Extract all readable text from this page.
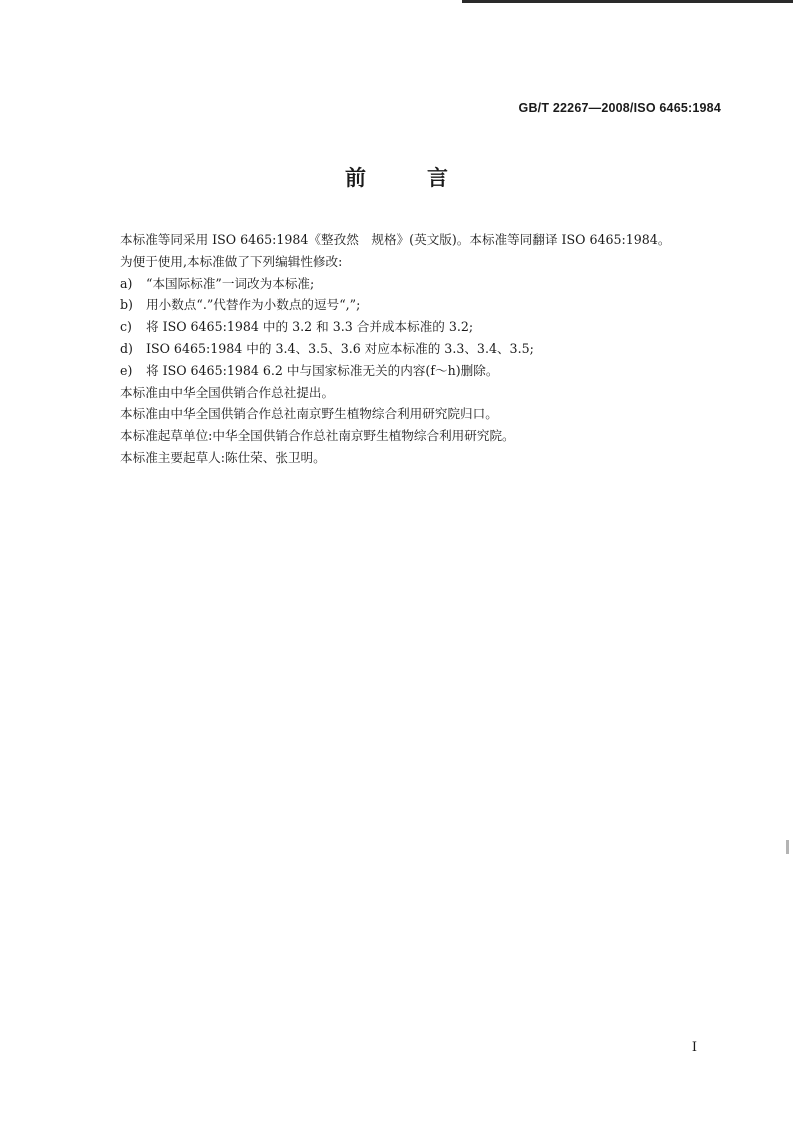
GB/T 22267—2008/ISO 6465:1984
前　言
本标准等同采用 ISO 6465:1984《整孜然　规格》(英文版)。本标准等同翻译 ISO 6465:1984。
为便于使用,本标准做了下列编辑性修改:
a) “本国际标准”一词改为本标准;
b) 用小数点“.”代替作为小数点的逗号“,”;
c) 将 ISO 6465:1984 中的 3.2 和 3.3 合并成本标准的 3.2;
d) ISO 6465:1984 中的 3.4、3.5、3.6 对应本标准的 3.3、3.4、3.5;
e) 将 ISO 6465:1984 6.2 中与国家标准无关的内容(f～h)删除。
本标准由中华全国供销合作总社提出。
本标准由中华全国供销合作总社南京野生植物综合利用研究院归口。
本标准起草单位:中华全国供销合作总社南京野生植物综合利用研究院。
本标准主要起草人:陈仕荣、张卫明。
I
